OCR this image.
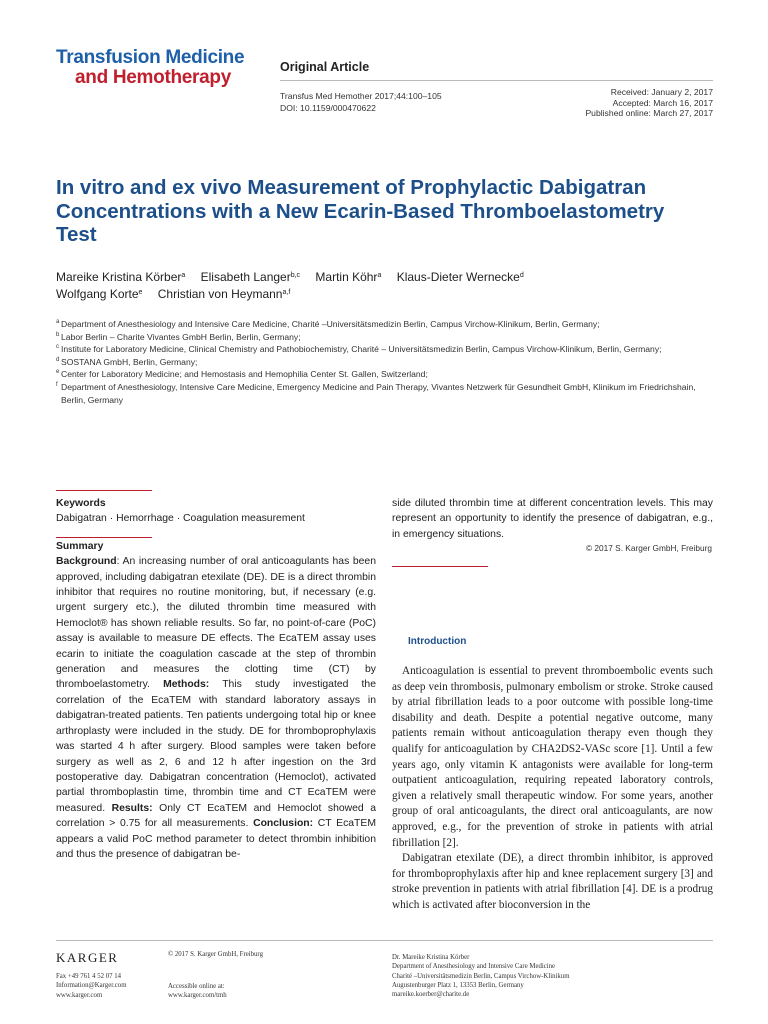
Transfusion Medicine
and Hemotherapy	Original Article
Transfus Med Hemother 2017;44:100–105
DOI: 10.1159/000470622
Received: January 2, 2017
Accepted: March 16, 2017
Published online: March 27, 2017
In vitro and ex vivo Measurement of Prophylactic Dabigatran Concentrations with a New Ecarin-Based Thromboelastometry Test
Mareike Kristina Körber$^a$ Elisabeth Langer$^{b,c}$ Martin Köhr$^a$ Klaus-Dieter Wernecke$^d$
Wolfgang Korte$^e$ Christian von Heymann$^{a,f}$
a Department of Anesthesiology and Intensive Care Medicine, Charité –Universitätsmedizin Berlin, Campus Virchow-Klinikum, Berlin, Germany;
b Labor Berlin – Charite Vivantes GmbH Berlin, Berlin, Germany;
c Institute for Laboratory Medicine, Clinical Chemistry and Pathobiochemistry, Charité – Universitätsmedizin Berlin, Campus Virchow-Klinikum, Berlin, Germany;
d SOSTANA GmbH, Berlin, Germany;
e Center for Laboratory Medicine; and Hemostasis and Hemophilia Center St. Gallen, Switzerland;
f Department of Anesthesiology, Intensive Care Medicine, Emergency Medicine and Pain Therapy, Vivantes Netzwerk für Gesundheit GmbH, Klinikum im Friedrichshain, Berlin, Germany
Keywords
Dabigatran · Hemorrhage · Coagulation measurement
Summary
Background: An increasing number of oral anticoagulants has been approved, including dabigatran etexilate (DE). DE is a direct thrombin inhibitor that requires no routine monitoring, but, if necessary (e.g. urgent surgery etc.), the diluted thrombin time measured with Hemoclot® has shown reliable results. So far, no point-of-care (PoC) assay is available to measure DE effects. The EcaTEM assay uses ecarin to initiate the coagulation cascade at the step of thrombin generation and measures the clotting time (CT) by thromboelastometry. Methods: This study investigated the correlation of the EcaTEM with standard laboratory assays in dabigatran-treated patients. Ten patients undergoing total hip or knee arthroplasty were included in the study. DE for thromboprophylaxis was started 4 h after surgery. Blood samples were taken before surgery as well as 2, 6 and 12 h after ingestion on the 3rd postoperative day. Dabigatran concentration (Hemoclot), activated partial thromboplastin time, thrombin time and CT EcaTEM were measured. Results: Only CT EcaTEM and Hemoclot showed a correlation > 0.75 for all measurements. Conclusion: CT EcaTEM appears a valid PoC method parameter to detect thrombin inhibition and thus the presence of dabigatran be-
side diluted thrombin time at different concentration levels. This may represent an opportunity to identify the presence of dabigatran, e.g., in emergency situations.
© 2017 S. Karger GmbH, Freiburg
Introduction

Anticoagulation is essential to prevent thromboembolic events such as deep vein thrombosis, pulmonary embolism or stroke. Stroke caused by atrial fibrillation leads to a poor outcome with possible long-time disability and death. Despite a potential negative outcome, many patients remain without anticoagulation therapy even though they qualify for anticoagulation by CHA2DS2-VASc score [1]. Until a few years ago, only vitamin K antagonists were available for long-term outpatient anticoagulation, requiring repeated laboratory controls, given a relatively small therapeutic window. For some years, another group of oral anticoagulants, the direct oral anticoagulants, are now approved, e.g., for the prevention of stroke in patients with atrial fibrillation [2].

Dabigatran etexilate (DE), a direct thrombin inhibitor, is approved for thromboprophylaxis after hip and knee replacement surgery [3] and stroke prevention in patients with atrial fibrillation [4]. DE is a prodrug which is activated after bioconversion in the

KARGER
Fax +49 761 4 52 07 14
Information@Karger.com
www.karger.com
© 2017 S. Karger GmbH, Freiburg
Accessible online at:
www.karger.com/tmh
Dr. Mareike Kristina Körber
Department of Anesthesiology and Intensive Care Medicine
Charité –Universitätsmedizin Berlin, Campus Virchow-Klinikum
Augustenburger Platz 1, 13353 Berlin, Germany
mareike.koerber@charite.de
